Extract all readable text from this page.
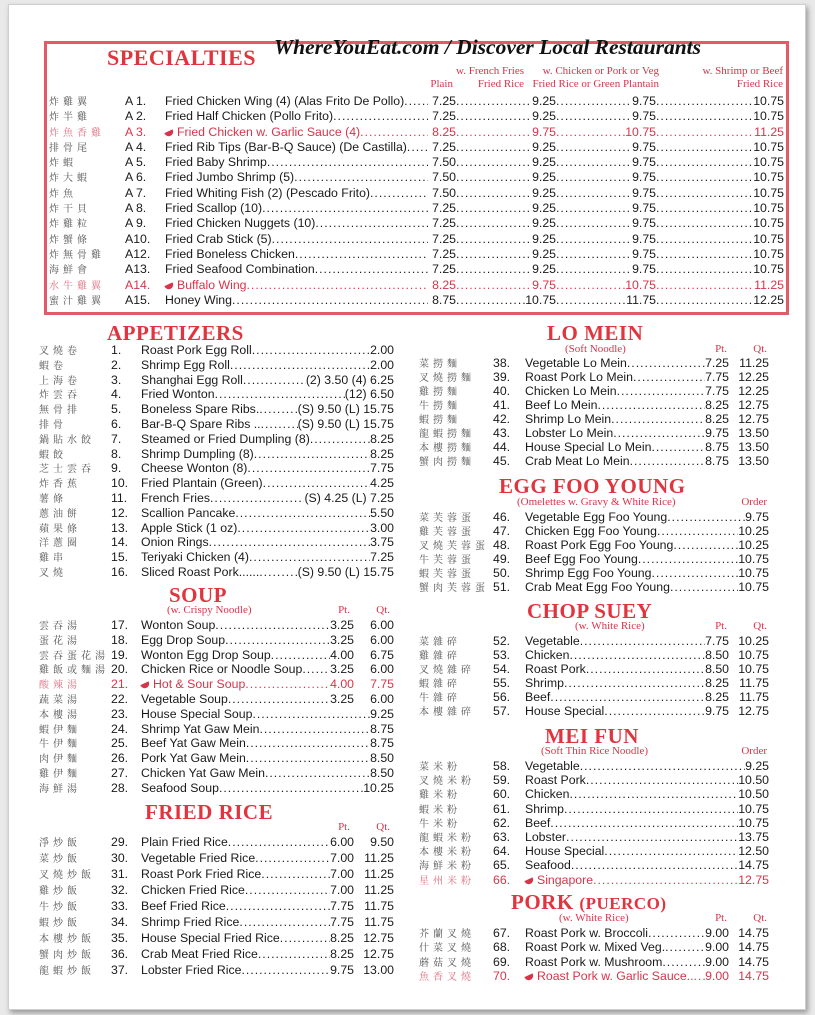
WhereYouEat.com / Discover Local Restaurants
SPECIALTIES
Plain
w. French Fries Fried Rice
w. Chicken or Pork or Veg Fried Rice or Green Plantain
w. Shrimp or Beef Fried Rice
炸雞翼	A 1.	Fried Chicken Wing (4) (Alas Frito De Pollo) .....	7.25 .....	9.25 .....	9.75 .....	10.75
炸半雞	A 2.	Fried Half Chicken (Pollo Frito) .....	7.25 .....	9.25 .....	9.75 .....	10.75
炸魚香雞	A 3.	Fried Chicken w. Garlic Sauce (4) .....	8.25 .....	9.75 .....	10.75 .....	11.25
排骨尾	A 4.	Fried Rib Tips (Bar-B-Q Sauce) (De Castilla) .....	7.25 .....	9.25 .....	9.75 .....	10.75
炸蝦	A 5.	Fried Baby Shrimp .....	7.50 .....	9.25 .....	9.75 .....	10.75
炸大蝦	A 6.	Fried Jumbo Shrimp (5) .....	7.50 .....	9.25 .....	9.75 .....	10.75
炸魚	A 7.	Fried Whiting Fish (2) (Pescado Frito) .....	7.50 .....	9.25 .....	9.75 .....	10.75
炸干貝	A 8.	Fried Scallop (10) .....	7.25 .....	9.25 .....	9.75 .....	10.75
炸雞粒	A 9.	Fried Chicken Nuggets (10) .....	7.25 .....	9.25 .....	9.75 .....	10.75
炸蟹條	A10.	Fried Crab Stick (5) .....	7.25 .....	9.25 .....	9.75 .....	10.75
炸無骨雞	A12.	Fried Boneless Chicken .....	7.25 .....	9.25 .....	9.75 .....	10.75
海鮮會	A13.	Fried Seafood Combination .....	7.25 .....	9.25 .....	9.75 .....	10.75
水牛雞翼	A14.	Buffalo Wing .....	8.25 .....	9.75 .....	10.75 .....	11.25
蜜汁雞翼	A15.	Honey Wing .....	8.75 .....	10.75 .....	11.75 .....	12.25
APPETIZERS
叉燒卷	1.	Roast Pork Egg Roll .....	2.00
蝦卷	2.	Shrimp Egg Roll .....	2.00
上海卷	3.	Shanghai Egg Roll .....	(2) 3.50 (4) 6.25
炸雲吞	4.	Fried Wonton .....	(12) 6.50
無骨排	5.	Boneless Spare Ribs. .....	(S) 9.50 (L) 15.75
排骨	6.	Bar-B-Q Spare Ribs .. .....	(S) 9.50 (L) 15.75
鍋貼水餃	7.	Steamed or Fried Dumpling (8) .....	8.25
蝦餃	8.	Shrimp Dumpling (8) .....	8.25
芝士雲吞	9.	Cheese Wonton (8) .....	7.75
炸香蕉	10.	Fried Plantain (Green) .....	4.25
薯條	11.	French Fries .....	(S) 4.25 (L) 7.25
蔥油餅	12.	Scallion Pancake .....	5.50
蘋果條	13.	Apple Stick (1 oz) .....	3.00
洋蔥圈	14.	Onion Rings .....	3.75
雞串	15.	Teriyaki Chicken (4) .....	7.25
叉燒	16.	Sliced Roast Pork...... .....	(S) 9.50 (L) 15.75
SOUP
(w. Crispy Noodle)	Pt.	Qt.
雲吞湯	17.	Wonton Soup .....	3.25	6.00
蛋花湯	18.	Egg Drop Soup .....	3.25	6.00
雲吞蛋花湯 19.	Wonton Egg Drop Soup .....	4.00	6.75
雞飯或麵湯 20.	Chicken Rice or Noodle Soup ..... 3.25	6.00
酸辣湯	21.	Hot & Sour Soup .....	4.00	7.75
蔬菜湯	22.	Vegetable Soup .....	3.25	6.00
本樓湯	23.	House Special Soup .....	9.25
蝦伊麵	24.	Shrimp Yat Gaw Mein .....	8.75
牛伊麵	25.	Beef Yat Gaw Mein .....	8.75
肉伊麵	26.	Pork Yat Gaw Mein .....	8.50
雞伊麵	27.	Chicken Yat Gaw Mein .....	8.50
海鮮湯	28.	Seafood Soup .....	10.25
FRIED RICE
Pt.	Qt.
淨炒飯	29.	Plain Fried Rice .....	6.00	9.50
菜炒飯	30.	Vegetable Fried Rice .....	7.00 11.25
叉燒炒飯	31.	Roast Pork Fried Rice .....	7.00 11.25
雞炒飯	32.	Chicken Fried Rice .....	7.00 11.25
牛炒飯	33.	Beef Fried Rice .....	7.75 11.75
蝦炒飯	34.	Shrimp Fried Rice .....	7.75 11.75
本樓炒飯	35.	House Special Fried Rice .....	8.25 12.75
蟹肉炒飯	36.	Crab Meat Fried Rice .....	8.25 12.75
龍蝦炒飯	37.	Lobster Fried Rice .....	9.75 13.00
LO MEIN
(Soft Noodle)	Pt.	Qt.
菜撈麵	38.	Vegetable Lo Mein .....	7.25 11.25
叉燒撈麵	39.	Roast Pork Lo Mein .....	7.75 12.25
雞撈麵	40.	Chicken Lo Mein .....	7.75 12.25
牛撈麵	41.	Beef Lo Mein .....	8.25 12.75
蝦撈麵	42.	Shrimp Lo Mein .....	8.25 12.75
龍蝦撈麵	43.	Lobster Lo Mein .....	9.75 13.50
本樓撈麵	44.	House Special Lo Mein .....	8.75 13.50
蟹肉撈麵	45.	Crab Meat Lo Mein .....	8.75 13.50
EGG FOO YOUNG
(Omelettes w. Gravy & White Rice)	Order
菜芙蓉蛋	46.	Vegetable Egg Foo Young .....	9.75
雞芙蓉蛋	47.	Chicken Egg Foo Young .....	10.25
叉燒芙蓉蛋 48.	Roast Pork Egg Foo Young .....	10.25
牛芙蓉蛋	49.	Beef Egg Foo Young .....	10.75
蝦芙蓉蛋	50.	Shrimp Egg Foo Young .....	10.75
蟹肉芙蓉蛋 51.	Crab Meat Egg Foo Young .....	10.75
CHOP SUEY
(w. White Rice)	Pt.	Qt.
菜雜碎	52.	Vegetable .....	7.75 10.25
雞雜碎	53.	Chicken .....	8.50 10.75
叉燒雜碎	54.	Roast Pork .....	8.50 10.75
蝦雜碎	55.	Shrimp .....	8.25 11.75
牛雜碎	56.	Beef .....	8.25 11.75
本樓雜碎	57.	House Special .....	9.75 12.75
MEI FUN
(Soft Thin Rice Noodle)	Order
菜米粉	58.	Vegetable .....	9.25
叉燒米粉	59.	Roast Pork .....	10.50
雞米粉	60.	Chicken .....	10.50
蝦米粉	61.	Shrimp .....	10.75
牛米粉	62.	Beef .....	10.75
龍蝦米粉	63.	Lobster .....	13.75
本樓米粉	64.	House Special .....	12.50
海鮮米粉	65.	Seafood .....	14.75
星州米粉	66.	Singapore .....	12.75
PORK (PUERCO)
(w. White Rice)	Pt.	Qt.
芥蘭叉燒	67.	Roast Pork w. Broccoli .....	9.00 14.75
什菜叉燒	68.	Roast Pork w. Mixed Veg. .....	9.00 14.75
蘑菇叉燒	69.	Roast Pork w. Mushroom .....	9.00 14.75
魚香叉燒	70.	Roast Pork w. Garlic Sauce.. ..... 9.00 14.75
